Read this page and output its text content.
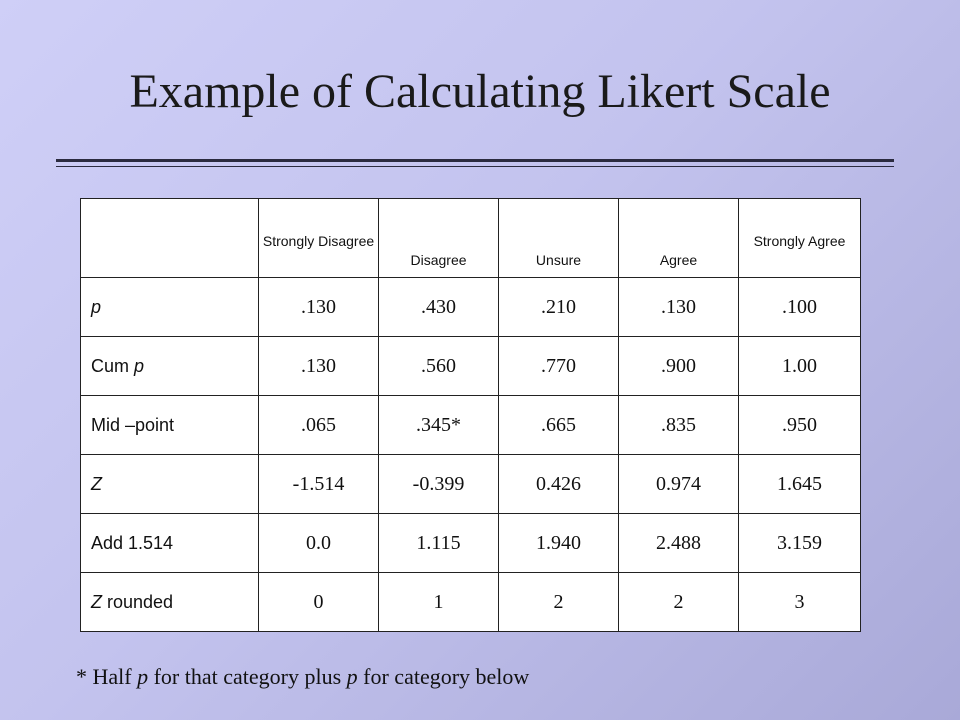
Example of Calculating Likert Scale
	Strongly Disagree	Disagree	Unsure	Agree	Strongly Agree
p	.130	.430	.210	.130	.100
Cum p	.130	.560	.770	.900	1.00
Mid –point	.065	.345*	.665	.835	.950
Z	-1.514	-0.399	0.426	0.974	1.645
Add 1.514	0.0	1.115	1.940	2.488	3.159
Z rounded	0	1	2	2	3

* Half p for that category plus p for category below
